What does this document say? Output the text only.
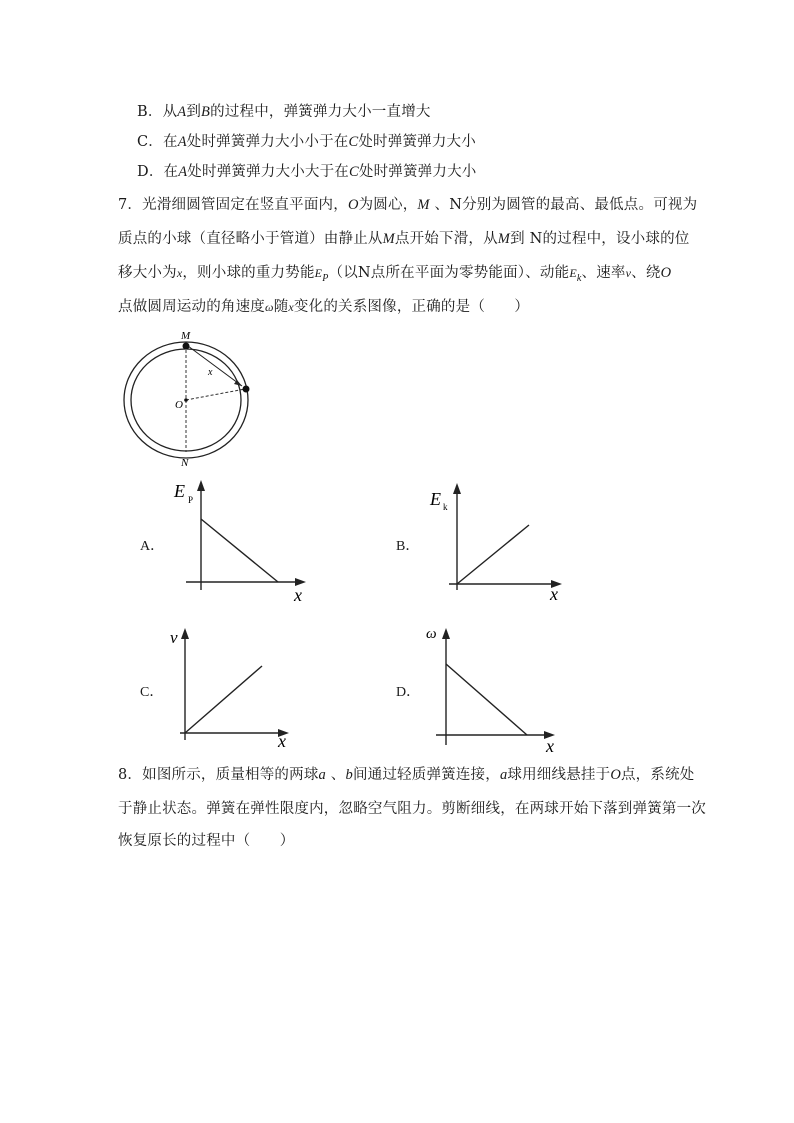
B．从A到B的过程中，弹簧弹力大小一直增大
C．在A处时弹簧弹力大小小于在C处时弹簧弹力大小
D．在A处时弹簧弹力大小大于在C处时弹簧弹力大小
7．光滑细圆管固定在竖直平面内，O为圆心，M 、N分别为圆管的最高、最低点。可视为
质点的小球（直径略小于管道）由静止从M点开始下滑，从M到 N的过程中，设小球的位
移大小为x，则小球的重力势能$E_P$（以N点所在平面为零势能面）、动能$E_k$、速率v、绕O
点做圆周运动的角速度ω随x变化的关系图像，正确的是（　　）
M
O
N
x
A．
E P
x
B．
E k
x
C．
v
x
D．
ω
x
8．如图所示，质量相等的两球a 、b间通过轻质弹簧连接，a球用细线悬挂于O点，系统处
于静止状态。弹簧在弹性限度内，忽略空气阻力。剪断细线，在两球开始下落到弹簧第一次
恢复原长的过程中（　　）
